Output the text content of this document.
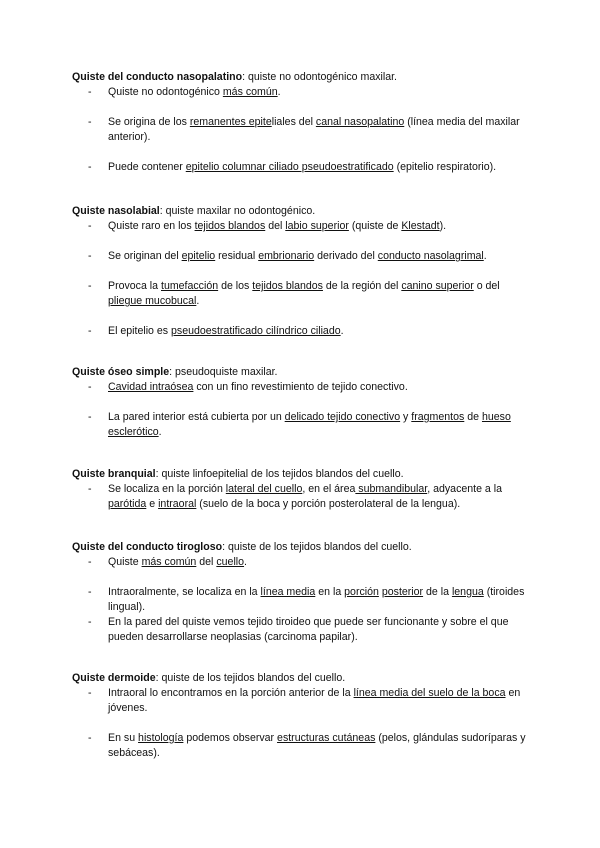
Quiste del conducto nasopalatino: quiste no odontogénico maxilar.

- Quiste no odontogénico más común.
- Se origina de los remanentes epiteliales del canal nasopalatino (línea media del maxilar anterior).
- Puede contener epitelio columnar ciliado pseudoestratificado (epitelio respiratorio).

Quiste nasolabial: quiste maxilar no odontogénico.

- Quiste raro en los tejidos blandos del labio superior (quiste de Klestadt).
- Se originan del epitelio residual embrionario derivado del conducto nasolagrimal.
- Provoca la tumefacción de los tejidos blandos de la región del canino superior o del pliegue mucobucal.
- El epitelio es pseudoestratificado cilíndrico ciliado.

Quiste óseo simple: pseudoquiste maxilar.

- Cavidad intraósea con un fino revestimiento de tejido conectivo.
- La pared interior está cubierta por un delicado tejido conectivo y fragmentos de hueso esclerótico.

Quiste branquial: quiste linfoepitelial de los tejidos blandos del cuello.

- Se localiza en la porción lateral del cuello, en el área submandibular, adyacente a la parótida e intraoral (suelo de la boca y porción posterolateral de la lengua).

Quiste del conducto tirogloso: quiste de los tejidos blandos del cuello.

- Quiste más común del cuello.
- Intraoralmente, se localiza en la línea media en la porción posterior de la lengua (tiroides lingual).
- En la pared del quiste vemos tejido tiroideo que puede ser funcionante y sobre el que pueden desarrollarse neoplasias (carcinoma papilar).

Quiste dermoide: quiste de los tejidos blandos del cuello.

- Intraoral lo encontramos en la porción anterior de la línea media del suelo de la boca en jóvenes.
- En su histología podemos observar estructuras cutáneas (pelos, glándulas sudoríparas y sebáceas).
